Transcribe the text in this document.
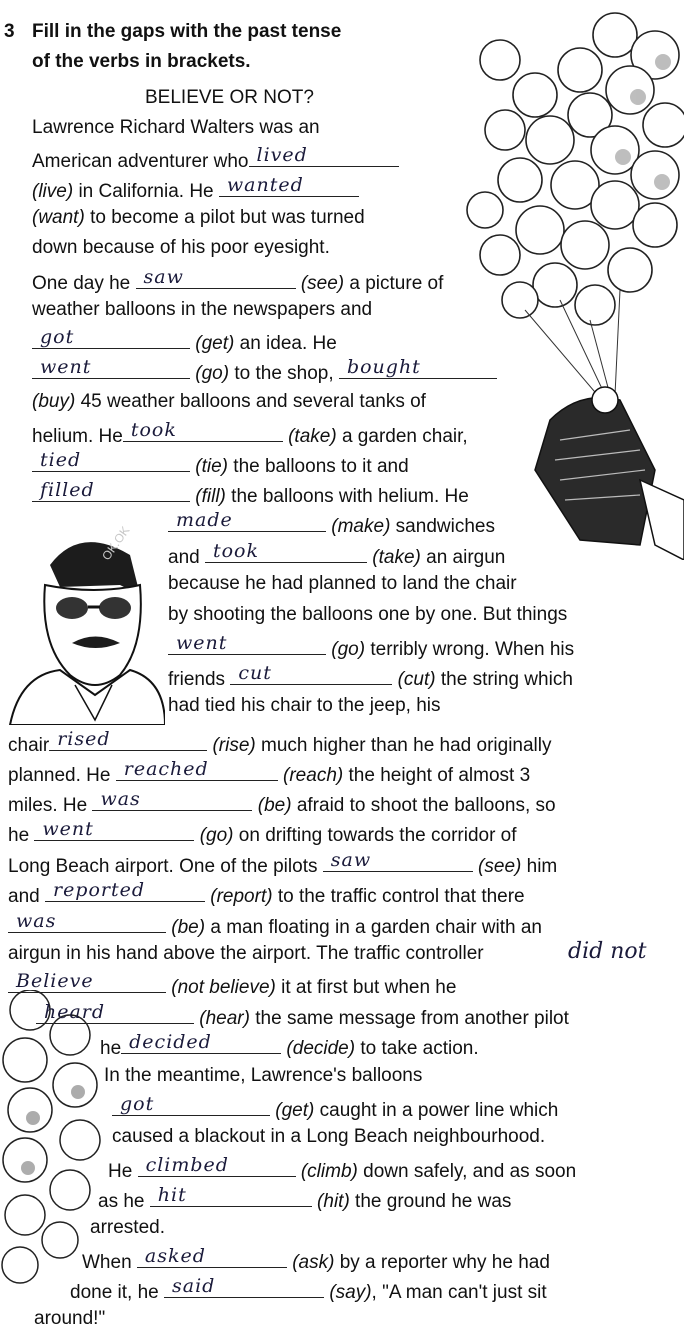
3 Fill in the gaps with the past tense
of the verbs in brackets.
BELIEVE OR NOT?
Lawrence Richard Walters was an
American adventurer who lived
(live) in California. He wanted
(want) to become a pilot but was turned
down because of his poor eyesight.
One day he saw	(see) a picture of
weather balloons in the newspapers and
got	(get) an idea. He
went	(go) to the shop, bought
(buy) 45 weather balloons and several tanks of
helium. He took	(take) a garden chair,
tied	(tie) the balloons to it and
filled	(fill) the balloons with helium. He
made	(make) sandwiches
and took	(take) an airgun
because he had planned to land the chair
by shooting the balloons one by one. But things
went	(go) terribly wrong. When his
friends cut	(cut) the string which
had tied his chair to the jeep, his
chair rised	(rise) much higher than he had originally
planned. He reached	(reach) the height of almost 3
miles. He was	(be) afraid to shoot the balloons, so
he went	(go) on drifting towards the corridor of
Long Beach airport. One of the pilots saw	(see) him
and reported	(report) to the traffic control that there
was	(be) a man floating in a garden chair with an
airgun in his hand above the airport. The traffic controller
Believe	(not believe) it at first but when he
heard	(hear) the same message from another pilot
he decided	(decide) to take action.
In the meantime, Lawrence's balloons
got	(get) caught in a power line which
caused a blackout in a Long Beach neighbourhood.
He climbed	(climb) down safely, and as soon
as he hit	(hit) the ground he was
arrested.
When asked	(ask) by a reporter why he had
done it, he said	(say), "A man can't just sit
around!"
did not
OK.OK
